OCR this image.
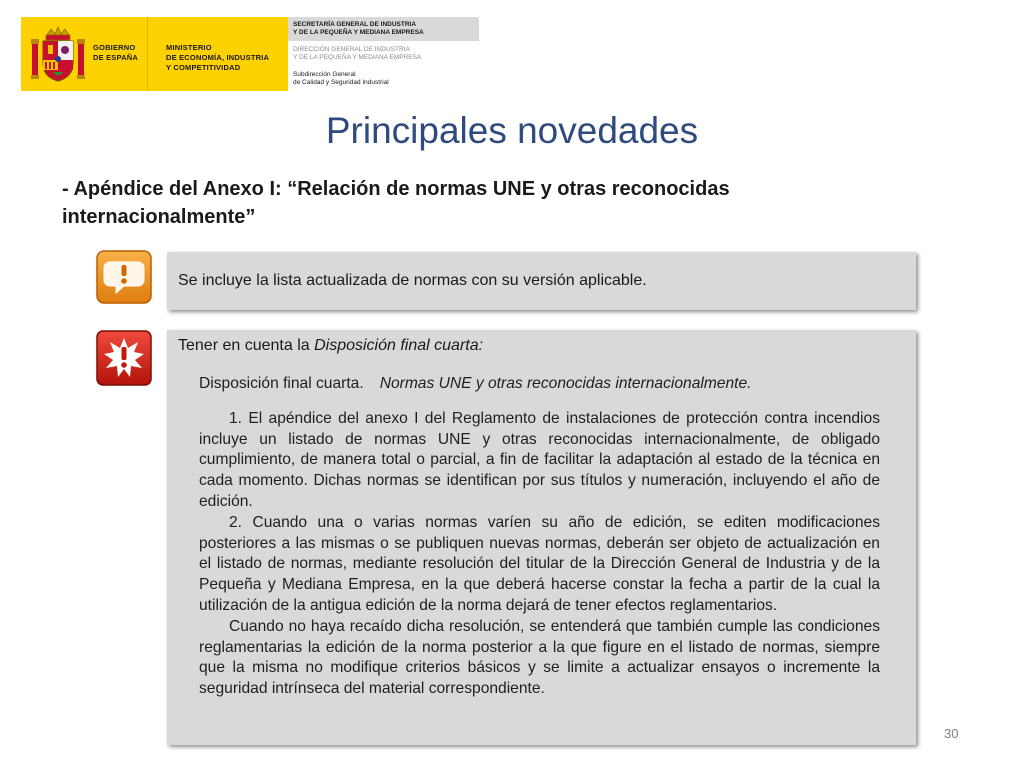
GOBIERNO
DE ESPAÑA
MINISTERIO
DE ECONOMÍA, INDUSTRIA
Y COMPETITIVIDAD
SECRETARÍA GENERAL DE INDUSTRIA
Y DE LA PEQUEÑA Y MEDIANA EMPRESA
DIRECCIÓN GENERAL DE INDUSTRIA
Y DE LA PEQUEÑA Y MEDIANA EMPRESA
Subdirección General
de Calidad y Seguridad Industrial
Principales novedades
- Apéndice del Anexo I: “Relación de normas UNE y otras reconocidas
internacionalmente”
Se incluye la lista actualizada de normas con su versión aplicable.
Tener en cuenta la Disposición final cuarta:
Disposición final cuarta. Normas UNE y otras reconocidas internacionalmente.

1. El apéndice del anexo I del Reglamento de instalaciones de protección contra incendios incluye un listado de normas UNE y otras reconocidas internacionalmente, de obligado cumplimiento, de manera total o parcial, a fin de facilitar la adaptación al estado de la técnica en cada momento. Dichas normas se identifican por sus títulos y numeración, incluyendo el año de edición.

2. Cuando una o varias normas varíen su año de edición, se editen modificaciones posteriores a las mismas o se publiquen nuevas normas, deberán ser objeto de actualización en el listado de normas, mediante resolución del titular de la Dirección General de Industria y de la Pequeña y Mediana Empresa, en la que deberá hacerse constar la fecha a partir de la cual la utilización de la antigua edición de la norma dejará de tener efectos reglamentarios.

Cuando no haya recaído dicha resolución, se entenderá que también cumple las condiciones reglamentarias la edición de la norma posterior a la que figure en el listado de normas, siempre que la misma no modifique criterios básicos y se limite a actualizar ensayos o incremente la seguridad intrínseca del material correspondiente.

30
